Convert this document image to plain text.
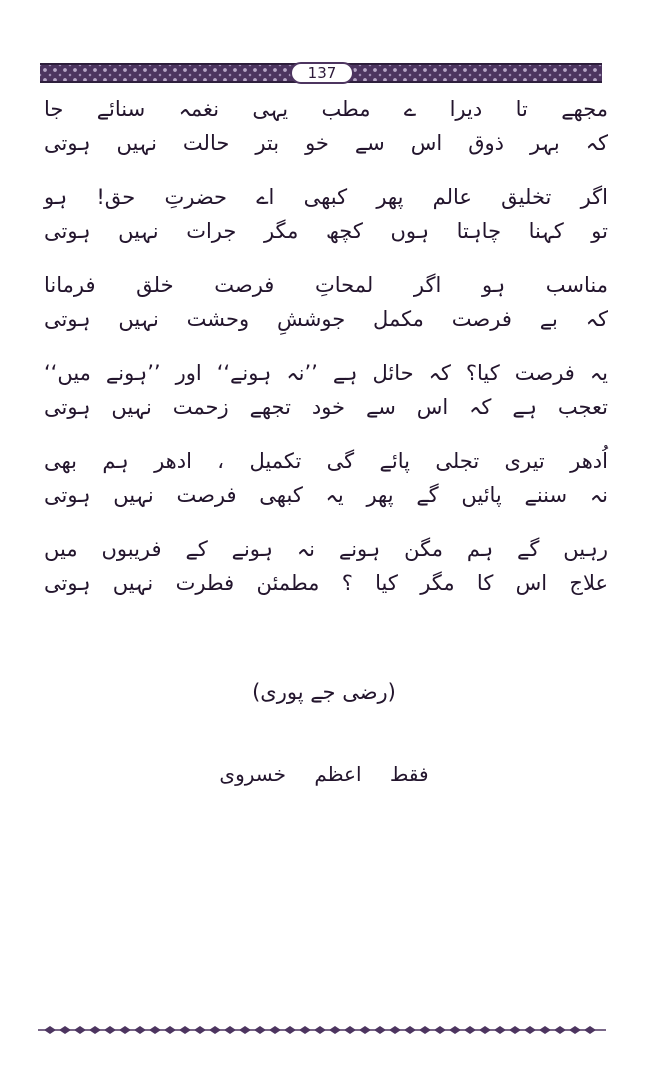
137
مجھے تا دیرا ے مطب یہی نغمہ سنائے جا
کہ بہر ذوق اس سے خو بتر حالت نہیں ہوتی
اگر تخلیق عالم پھر کبھی اے حضرتِ حق! ہو
تو کہنا چاہتا ہوں کچھ مگر جرات نہیں ہوتی
مناسب ہو اگر لمحاتِ فرصت خلق فرمانا
کہ بے فرصت مکمل جوششِ وحشت نہیں ہوتی
یہ فرصت کیا؟ کہ حائل ہے ’’نہ ہونے‘‘ اور ’’ہونے میں‘‘
تعجب ہے کہ اس سے خود تجھے زحمت نہیں ہوتی
اُدھر تیری تجلی پائے گی تکمیل ، ادھر ہم بھی
نہ سننے پائیں گے پھر یہ کبھی فرصت نہیں ہوتی
رہیں گے ہم مگن ہونے نہ ہونے کے فریبوں میں
علاج اس کا مگر کیا ؟ مطمئن فطرت نہیں ہوتی
(رضی جے پوری)
فقط اعظم خسروی
